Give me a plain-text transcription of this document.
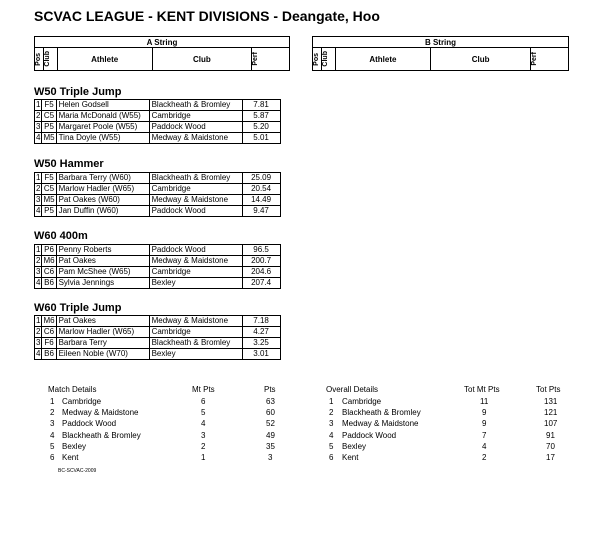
SCVAC LEAGUE - KENT DIVISIONS - Deangate, Hoo
A String

Pos	Club	Athlete	Club	Perf
B String

Pos	Club	Athlete	Club	Perf
W50 Triple Jump
1	F5	Helen Godsell	Blackheath & Bromley	7.81
2	C5	Maria McDonald (W55)	Cambridge	5.87
3	P5	Margaret Poole (W55)	Paddock Wood	5.20
4	M5	Tina Doyle (W55)	Medway & Maidstone	5.01
W50 Hammer
1	F5	Barbara Terry (W60)	Blackheath & Bromley	25.09
2	C5	Marlow Hadler (W65)	Cambridge	20.54
3	M5	Pat Oakes (W60)	Medway & Maidstone	14.49
4	P5	Jan Duffin (W60)	Paddock Wood	9.47
W60 400m
1	P6	Penny Roberts	Paddock Wood	96.5
2	M6	Pat Oakes	Medway & Maidstone	200.7
3	C6	Pam McShee (W65)	Cambridge	204.6
4	B6	Sylvia Jennings	Bexley	207.4
W60 Triple Jump
1	M6	Pat Oakes	Medway & Maidstone	7.18
2	C6	Marlow Hadler (W65)	Cambridge	4.27
3	F6	Barbara Terry	Blackheath & Bromley	3.25
4	B6	Eileen Noble (W70)	Bexley	3.01
Match Details	Mt Pts	Pts
1 Cambridge	6	63
2 Medway & Maidstone	5	60
3 Paddock Wood	4	52
4 Blackheath & Bromley	3	49
5 Bexley	2	35
6 Kent	1	3
Overall Details	Tot Mt Pts	Tot Pts
1 Cambridge	11	131
2 Blackheath & Bromley	9	121
3 Medway & Maidstone	9	107
4 Paddock Wood	7	91
5 Bexley	4	70
6 Kent	2	17
BC-SCVAC-2009
